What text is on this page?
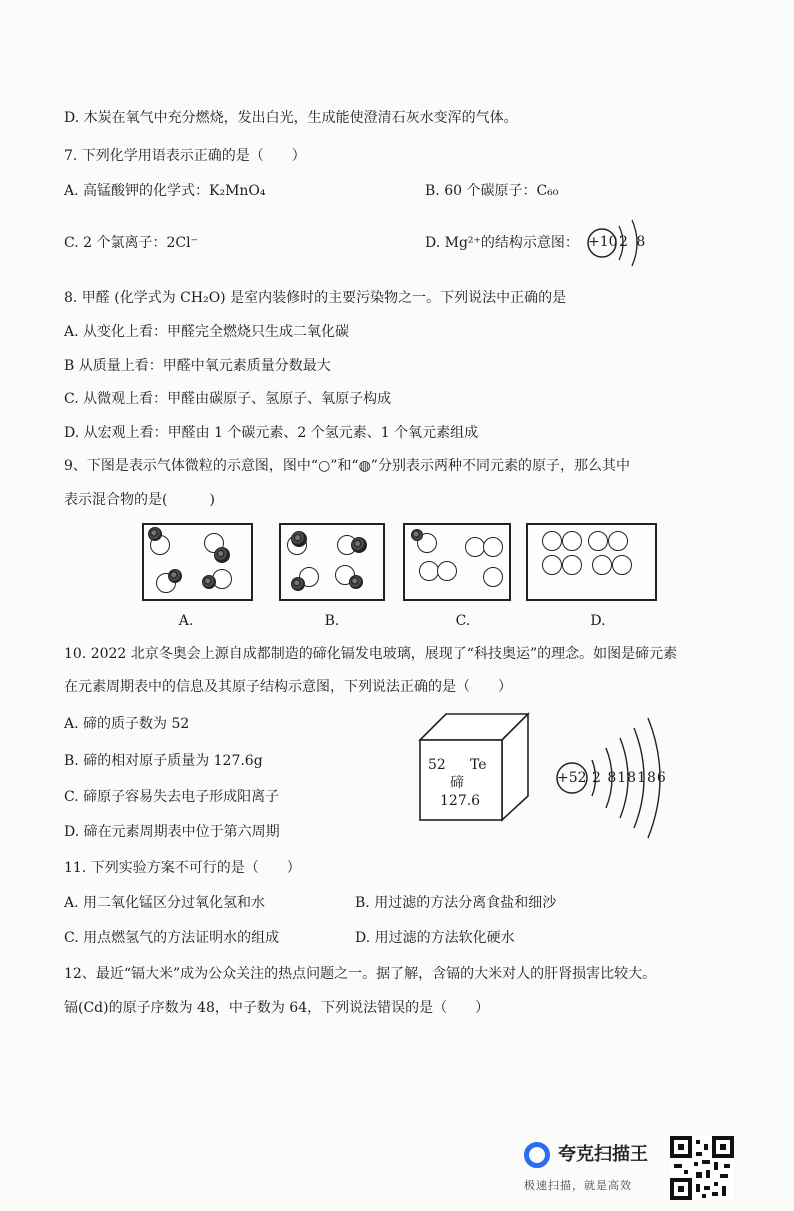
D. 木炭在氧气中充分燃烧，发出白光，生成能使澄清石灰水变浑的气体。
7. 下列化学用语表示正确的是（　　）
A. 高锰酸钾的化学式：K₂MnO₄	B. 60 个碳原子：C₆₀
C. 2 个氯离子：2Cl⁻	D. Mg²⁺的结构示意图： +10 2 8
8. 甲醛 (化学式为 CH₂O) 是室内装修时的主要污染物之一。下列说法中正确的是
A. 从变化上看：甲醛完全燃烧只生成二氧化碳
B 从质量上看：甲醛中氧元素质量分数最大
C. 从微观上看：甲醛由碳原子、氢原子、氧原子构成
D. 从宏观上看：甲醛由 1 个碳元素、2 个氢元素、1 个氧元素组成
9、下图是表示气体微粒的示意图，图中“○”和“◍”分别表示两种不同元素的原子，那么其中
表示混合物的是(　　　)
A.	B.	C.	D.
10. 2022 北京冬奥会上源自成都制造的碲化镉发电玻璃，展现了“科技奥运”的理念。如图是碲元素
在元素周期表中的信息及其原子结构示意图，下列说法正确的是（　　）
A. 碲的质子数为 52
B. 碲的相对原子质量为 127.6g
C. 碲原子容易失去电子形成阳离子
D. 碲在元素周期表中位于第六周期
52 Te
碲
127.6
+52 2 818186
11. 下列实验方案不可行的是（　　）
A. 用二氧化锰区分过氧化氢和水	B. 用过滤的方法分离食盐和细沙
C. 用点燃氢气的方法证明水的组成	D. 用过滤的方法软化硬水
12、最近“镉大米”成为公众关注的热点问题之一。据了解，含镉的大米对人的肝肾损害比较大。
镉(Cd)的原子序数为 48，中子数为 64，下列说法错误的是（　　）
夸克扫描王
极速扫描，就是高效
